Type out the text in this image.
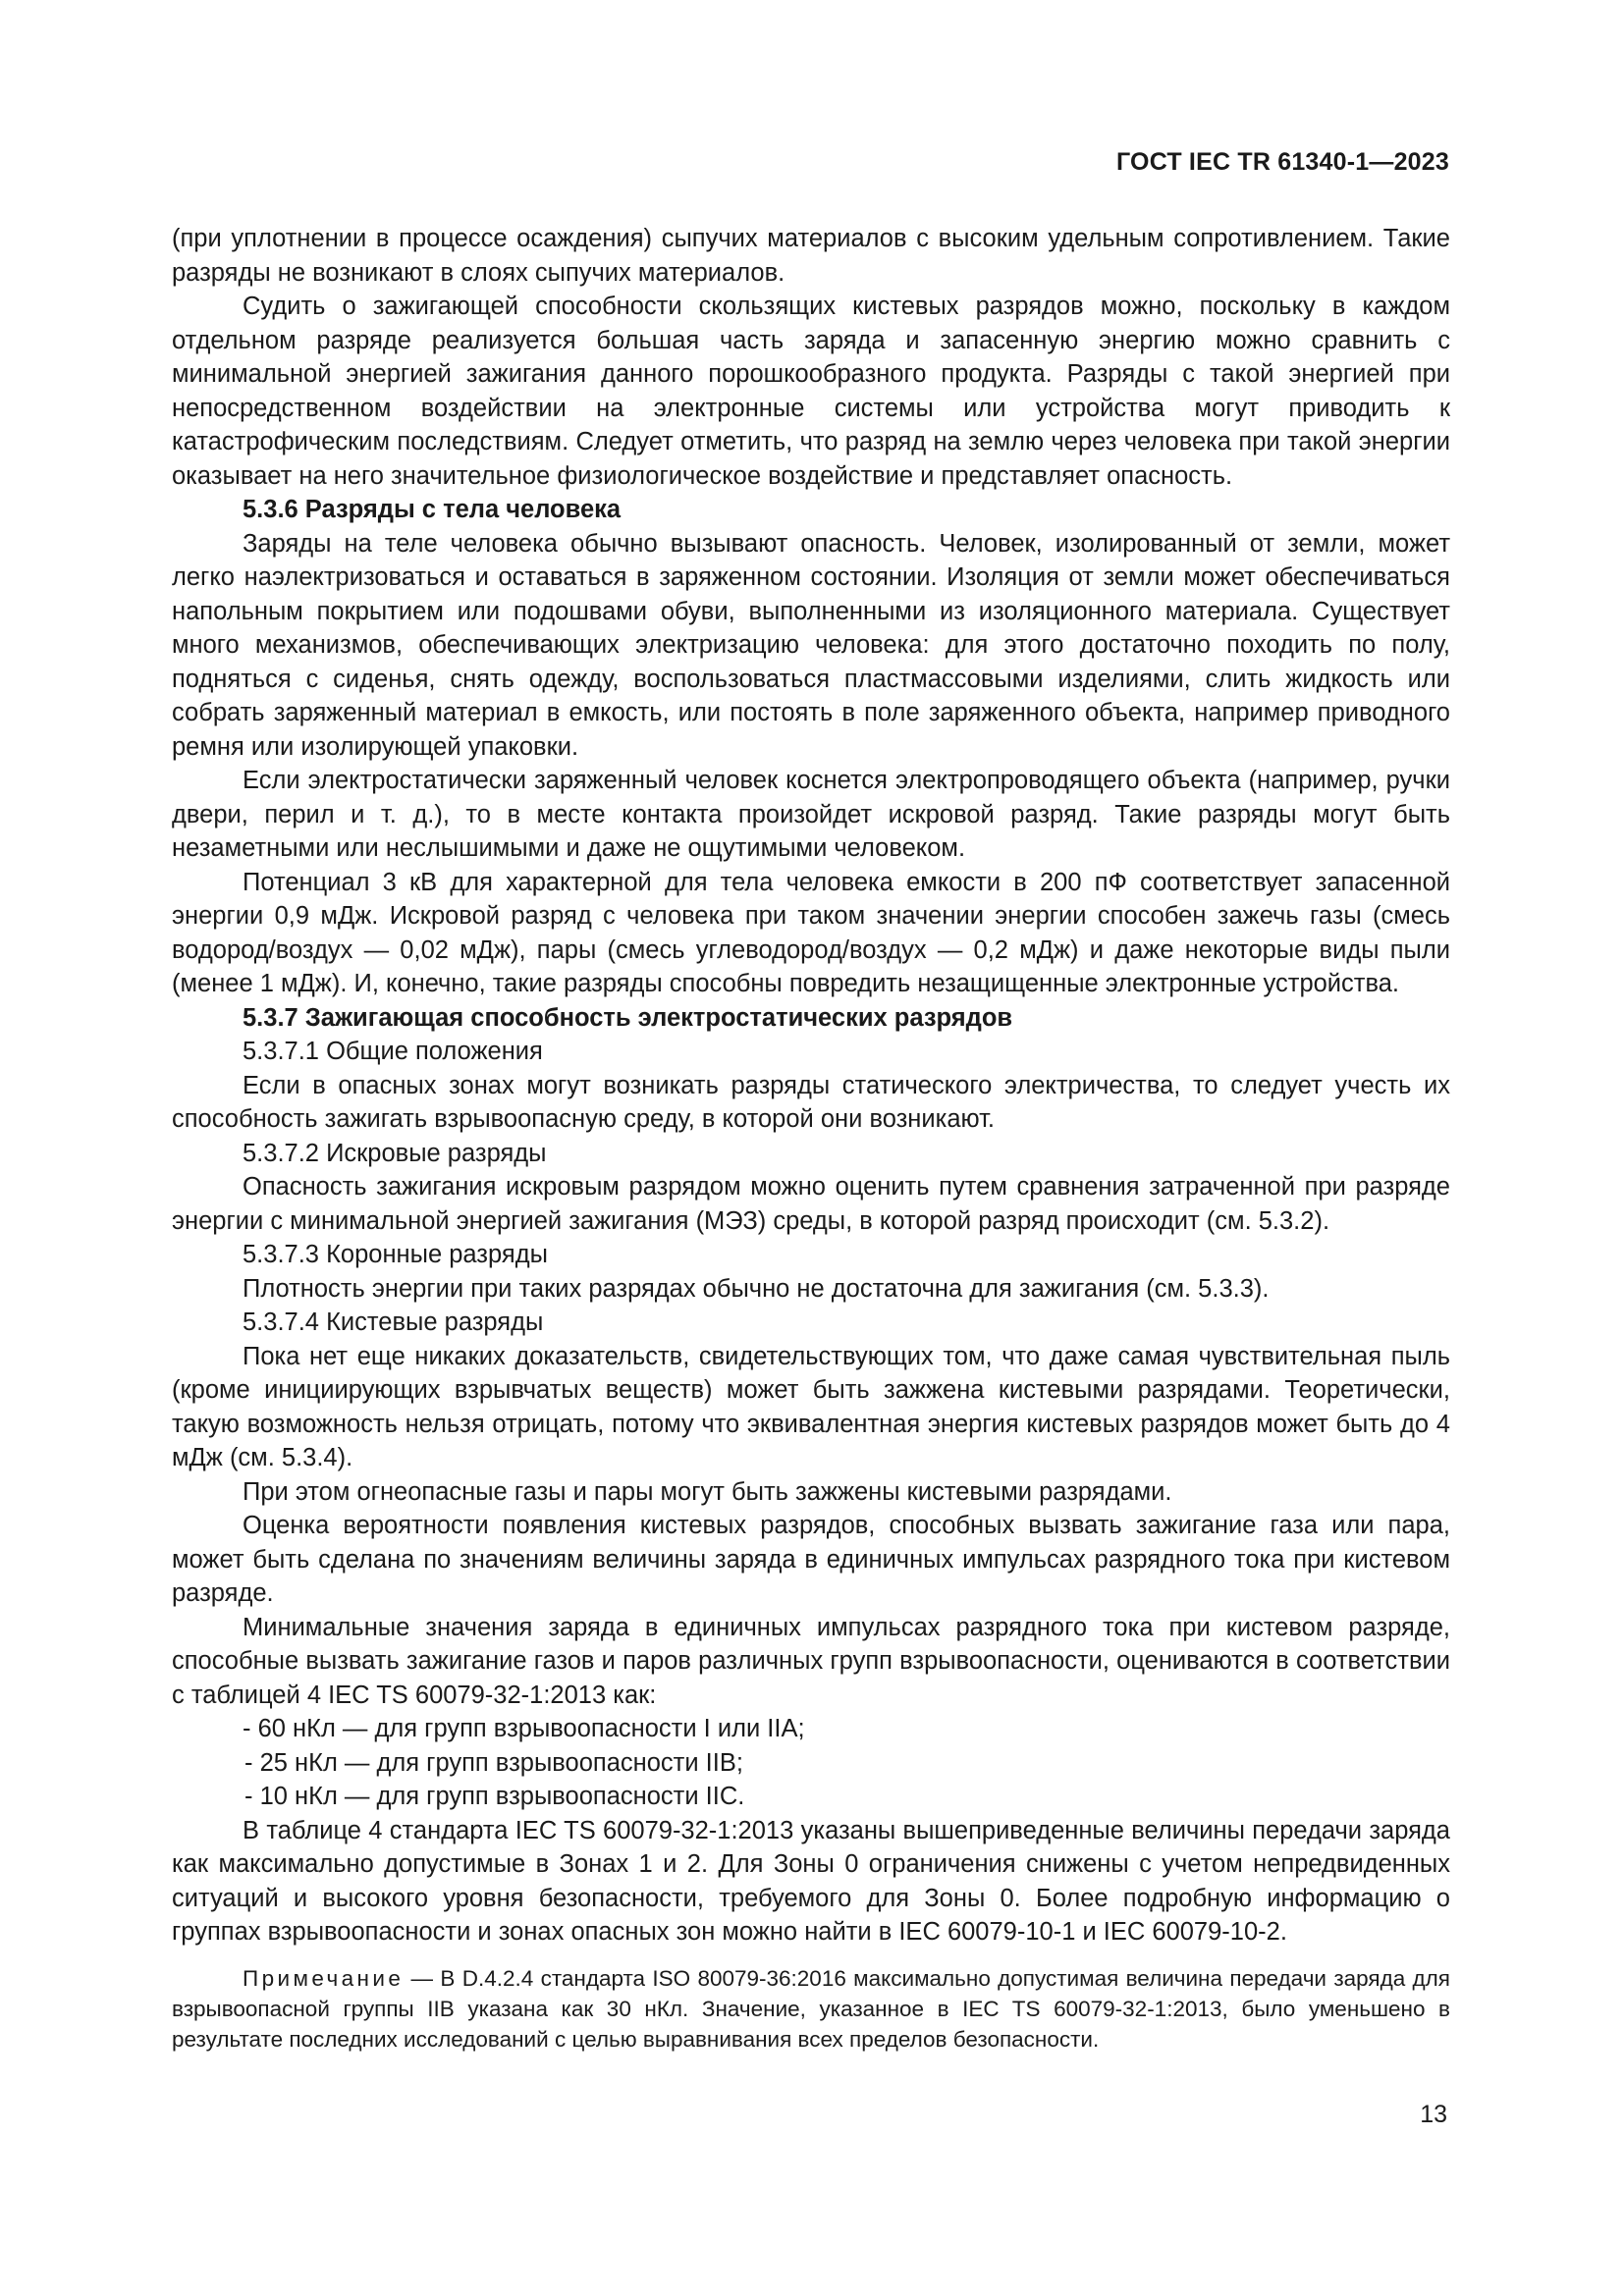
ГОСТ IEC TR 61340-1—2023

(при уплотнении в процессе осаждения) сыпучих материалов с высоким удельным сопротивлением. Такие разряды не возникают в слоях сыпучих материалов.

Судить о зажигающей способности скользящих кистевых разрядов можно, поскольку в каждом отдельном разряде реализуется большая часть заряда и запасенную энергию можно сравнить с минимальной энергией зажигания данного порошкообразного продукта. Разряды с такой энергией при непосредственном воздействии на электронные системы или устройства могут приводить к катастрофическим последствиям. Следует отметить, что разряд на землю через человека при такой энергии оказывает на него значительное физиологическое воздействие и представляет опасность.

5.3.6 Разряды с тела человека

Заряды на теле человека обычно вызывают опасность. Человек, изолированный от земли, может легко наэлектризоваться и оставаться в заряженном состоянии. Изоляция от земли может обеспечиваться напольным покрытием или подошвами обуви, выполненными из изоляционного материала. Существует много механизмов, обеспечивающих электризацию человека: для этого достаточно походить по полу, подняться с сиденья, снять одежду, воспользоваться пластмассовыми изделиями, слить жидкость или собрать заряженный материал в емкость, или постоять в поле заряженного объекта, например приводного ремня или изолирующей упаковки.

Если электростатически заряженный человек коснется электропроводящего объекта (например, ручки двери, перил и т. д.), то в месте контакта произойдет искровой разряд. Такие разряды могут быть незаметными или неслышимыми и даже не ощутимыми человеком.

Потенциал 3 кВ для характерной для тела человека емкости в 200 пФ соответствует запасенной энергии 0,9 мДж. Искровой разряд с человека при таком значении энергии способен зажечь газы (смесь водород/воздух — 0,02 мДж), пары (смесь углеводород/воздух — 0,2 мДж) и даже некоторые виды пыли (менее 1 мДж). И, конечно, такие разряды способны повредить незащищенные электронные устройства.

5.3.7 Зажигающая способность электростатических разрядов

5.3.7.1 Общие положения

Если в опасных зонах могут возникать разряды статического электричества, то следует учесть их способность зажигать взрывоопасную среду, в которой они возникают.

5.3.7.2 Искровые разряды

Опасность зажигания искровым разрядом можно оценить путем сравнения затраченной при разряде энергии с минимальной энергией зажигания (МЭЗ) среды, в которой разряд происходит (см. 5.3.2).

5.3.7.3 Коронные разряды

Плотность энергии при таких разрядах обычно не достаточна для зажигания (см. 5.3.3).

5.3.7.4 Кистевые разряды

Пока нет еще никаких доказательств, свидетельствующих том, что даже самая чувствительная пыль (кроме инициирующих взрывчатых веществ) может быть зажжена кистевыми разрядами. Теоретически, такую возможность нельзя отрицать, потому что эквивалентная энергия кистевых разрядов может быть до 4 мДж (см. 5.3.4).

При этом огнеопасные газы и пары могут быть зажжены кистевыми разрядами.

Оценка вероятности появления кистевых разрядов, способных вызвать зажигание газа или пара, может быть сделана по значениям величины заряда в единичных импульсах разрядного тока при кистевом разряде.

Минимальные значения заряда в единичных импульсах разрядного тока при кистевом разряде, способные вызвать зажигание газов и паров различных групп взрывоопасности, оцениваются в соответствии с таблицей 4 IEC TS 60079-32-1:2013 как:

- 60 нКл — для групп взрывоопасности I или IIА;

- 25 нКл — для групп взрывоопасности IIВ;

- 10 нКл — для групп взрывоопасности IIС.

В таблице 4 стандарта IEC TS 60079-32-1:2013 указаны вышеприведенные величины передачи заряда как максимально допустимые в Зонах 1 и 2. Для Зоны 0 ограничения снижены с учетом непредвиденных ситуаций и высокого уровня безопасности, требуемого для Зоны 0. Более подробную информацию о группах взрывоопасности и зонах опасных зон можно найти в IEC 60079-10-1 и IEC 60079-10-2.

Примечание — В D.4.2.4 стандарта ISO 80079-36:2016 максимально допустимая величина передачи заряда для взрывоопасной группы IIВ указана как 30 нКл. Значение, указанное в IEC TS 60079-32-1:2013, было уменьшено в результате последних исследований с целью выравнивания всех пределов безопасности.

13
